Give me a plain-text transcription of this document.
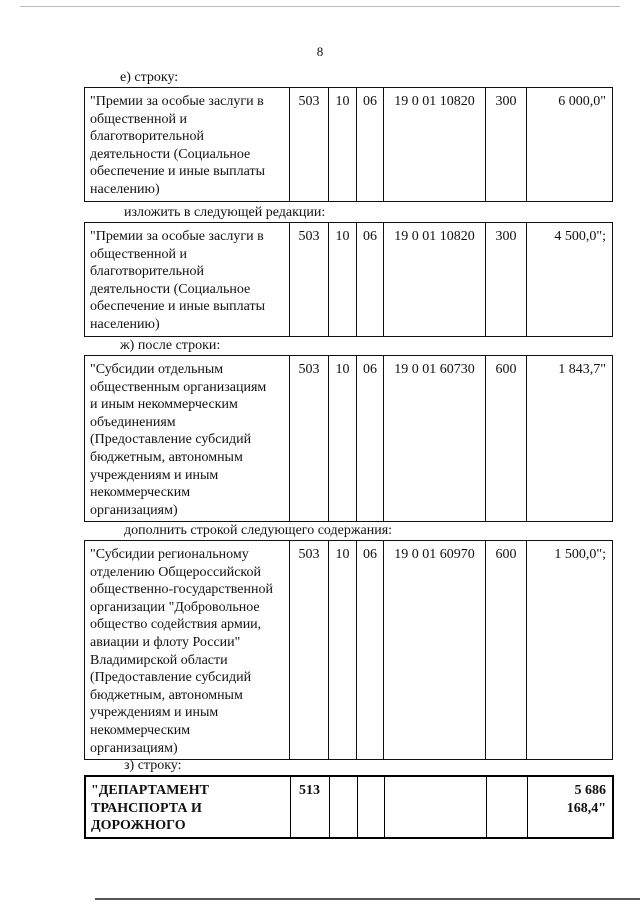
8
е) строку:
"Премии за особые заслуги в
общественной и
благотворительной
деятельности (Социальное
обеспечение и иные выплаты
населению)	503	10	06	19 0 01 10820	300	6 000,0"
изложить в следующей редакции:
"Премии за особые заслуги в
общественной и
благотворительной
деятельности (Социальное
обеспечение и иные выплаты
населению)	503	10	06	19 0 01 10820	300	4 500,0";
ж) после строки:
"Субсидии отдельным
общественным организациям
и иным некоммерческим
объединениям
(Предоставление субсидий
бюджетным, автономным
учреждениям и иным
некоммерческим
организациям)	503	10	06	19 0 01 60730	600	1 843,7"
дополнить строкой следующего содержания:
"Субсидии региональному
отделению Общероссийской
общественно-государственной
организации "Добровольное
общество содействия армии,
авиации и флоту России"
Владимирской области
(Предоставление субсидий
бюджетным, автономным
учреждениям и иным
некоммерческим
организациям)	503	10	06	19 0 01 60970	600	1 500,0";
з) строку:
"ДЕПАРТАМЕНТ
ТРАНСПОРТА И
ДОРОЖНОГО	513					5 686 168,4"
